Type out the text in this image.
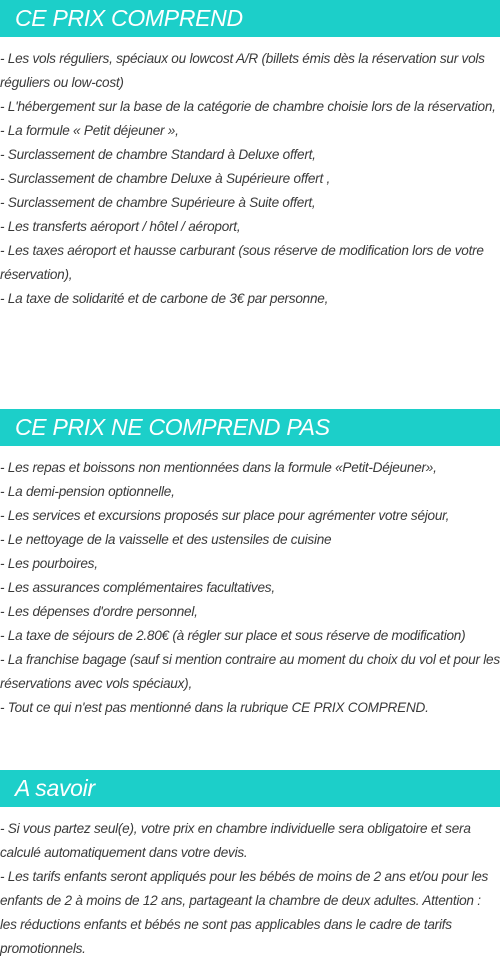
CE PRIX COMPREND
- Les vols réguliers, spéciaux ou lowcost A/R (billets émis dès la réservation sur vols réguliers ou low-cost)
- L'hébergement sur la base de la catégorie de chambre choisie lors de la réservation,
- La formule « Petit déjeuner »,
- Surclassement de chambre Standard à Deluxe offert,
- Surclassement de chambre Deluxe à Supérieure offert ,
- Surclassement de chambre Supérieure à Suite offert,
- Les transferts aéroport / hôtel / aéroport,
- Les taxes aéroport et hausse carburant (sous réserve de modification lors de votre réservation),
- La taxe de solidarité et de carbone de 3€ par personne,
CE PRIX NE COMPREND PAS
- Les repas et boissons non mentionnées dans la formule «Petit-Déjeuner»,
- La demi-pension optionnelle,
- Les services et excursions proposés sur place pour agrémenter votre séjour,
- Le nettoyage de la vaisselle et des ustensiles de cuisine
- Les pourboires,
- Les assurances complémentaires facultatives,
- Les dépenses d'ordre personnel,
- La taxe de séjours de 2.80€ (à régler sur place et sous réserve de modification)
- La franchise bagage (sauf si mention contraire au moment du choix du vol et pour les réservations avec vols spéciaux),
- Tout ce qui n'est pas mentionné dans la rubrique CE PRIX COMPREND.
A savoir
- Si vous partez seul(e), votre prix en chambre individuelle sera obligatoire et sera calculé automatiquement dans votre devis.
- Les tarifs enfants seront appliqués pour les bébés de moins de 2 ans et/ou pour les enfants de 2 à moins de 12 ans, partageant la chambre de deux adultes. Attention : les réductions enfants et bébés ne sont pas applicables dans le cadre de tarifs promotionnels.
